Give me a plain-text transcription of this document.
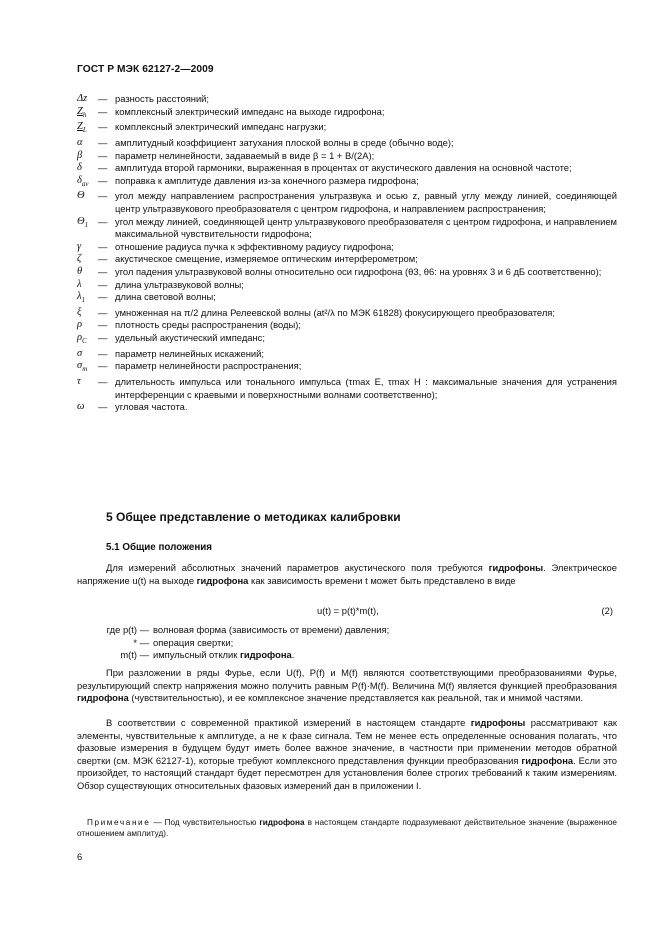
ГОСТ Р МЭК 62127-2—2009
Δz	— разность расстояний;
$Z_h$	— комплексный электрический импеданс на выходе гидрофона;
$Z_L$	— комплексный электрический импеданс нагрузки;
α	— амплитудный коэффициент затухания плоской волны в среде (обычно воде);
β	— параметр нелинейности, задаваемый в виде β = 1 + B/(2A);
δ	— амплитуда второй гармоники, выраженная в процентах от акустического давления на основной частоте;
$\delta_{av}$	— поправка к амплитуде давления из-за конечного размера гидрофона;
Θ	— угол между направлением распространения ультразвука и осью z, равный углу между линией, соединяющей центр ультразвукового преобразователя с центром гидрофона, и направлением распространения;
$\Theta_1$	— угол между линией, соединяющей центр ультразвукового преобразователя с центром гидрофона, и направлением максимальной чувствительности гидрофона;
γ	— отношение радиуса пучка к эффективному радиусу гидрофона;
ζ	— акустическое смещение, измеряемое оптическим интерферометром;
θ	— угол падения ультразвуковой волны относительно оси гидрофона (θ3, θ6: на уровнях 3 и 6 дБ соответственно);
λ	— длина ультразвуковой волны;
$\lambda_1$	— длина световой волны;
ξ	— умноженная на π/2 длина Релеевской волны (at²/λ по МЭК 61828) фокусирующего преобразователя;
ρ	— плотность среды распространения (воды);
$\rho_C$	— удельный акустический импеданс;
σ	— параметр нелинейных искажений;
$\sigma_m$	— параметр нелинейности распространения;
τ	— длительность импульса или тонального импульса (τmax E, τmax H : максимальные значения для устранения интерференции с краевыми и поверхностными волнами соответственно);
ω	— угловая частота.
5 Общее представление о методиках калибровки
5.1 Общие положения
Для измерений абсолютных значений параметров акустического поля требуются гидрофоны. Электрическое напряжение u(t) на выходе гидрофона как зависимость времени t может быть представлено в виде
u(t) = p(t)*m(t),	(2)
где p(t) — волновая форма (зависимость от времени) давления;
* — операция свертки;
m(t) — импульсный отклик гидрофона.
При разложении в ряды Фурье, если U(f), P(f) и M(f) являются соответствующими преобразованиями Фурье, результирующий спектр напряжения можно получить равным P(f)·M(f). Величина M(f) является функцией преобразования гидрофона (чувствительностью), и ее комплексное значение представляется как реальной, так и мнимой частями.
В соответствии с современной практикой измерений в настоящем стандарте гидрофоны рассматривают как элементы, чувствительные к амплитуде, а не к фазе сигнала. Тем не менее есть определенные основания полагать, что фазовые измерения в будущем будут иметь более важное значение, в частности при применении методов обратной свертки (см. МЭК 62127-1), которые требуют комплексного представления функции преобразования гидрофона. Если это произойдет, то настоящий стандарт будет пересмотрен для установления более строгих требований к таким измерениям. Обзор существующих относительных фазовых измерений дан в приложении I.
Примечание — Под чувствительностью гидрофона в настоящем стандарте подразумевают действительное значение (выраженное отношением амплитуд).
6
